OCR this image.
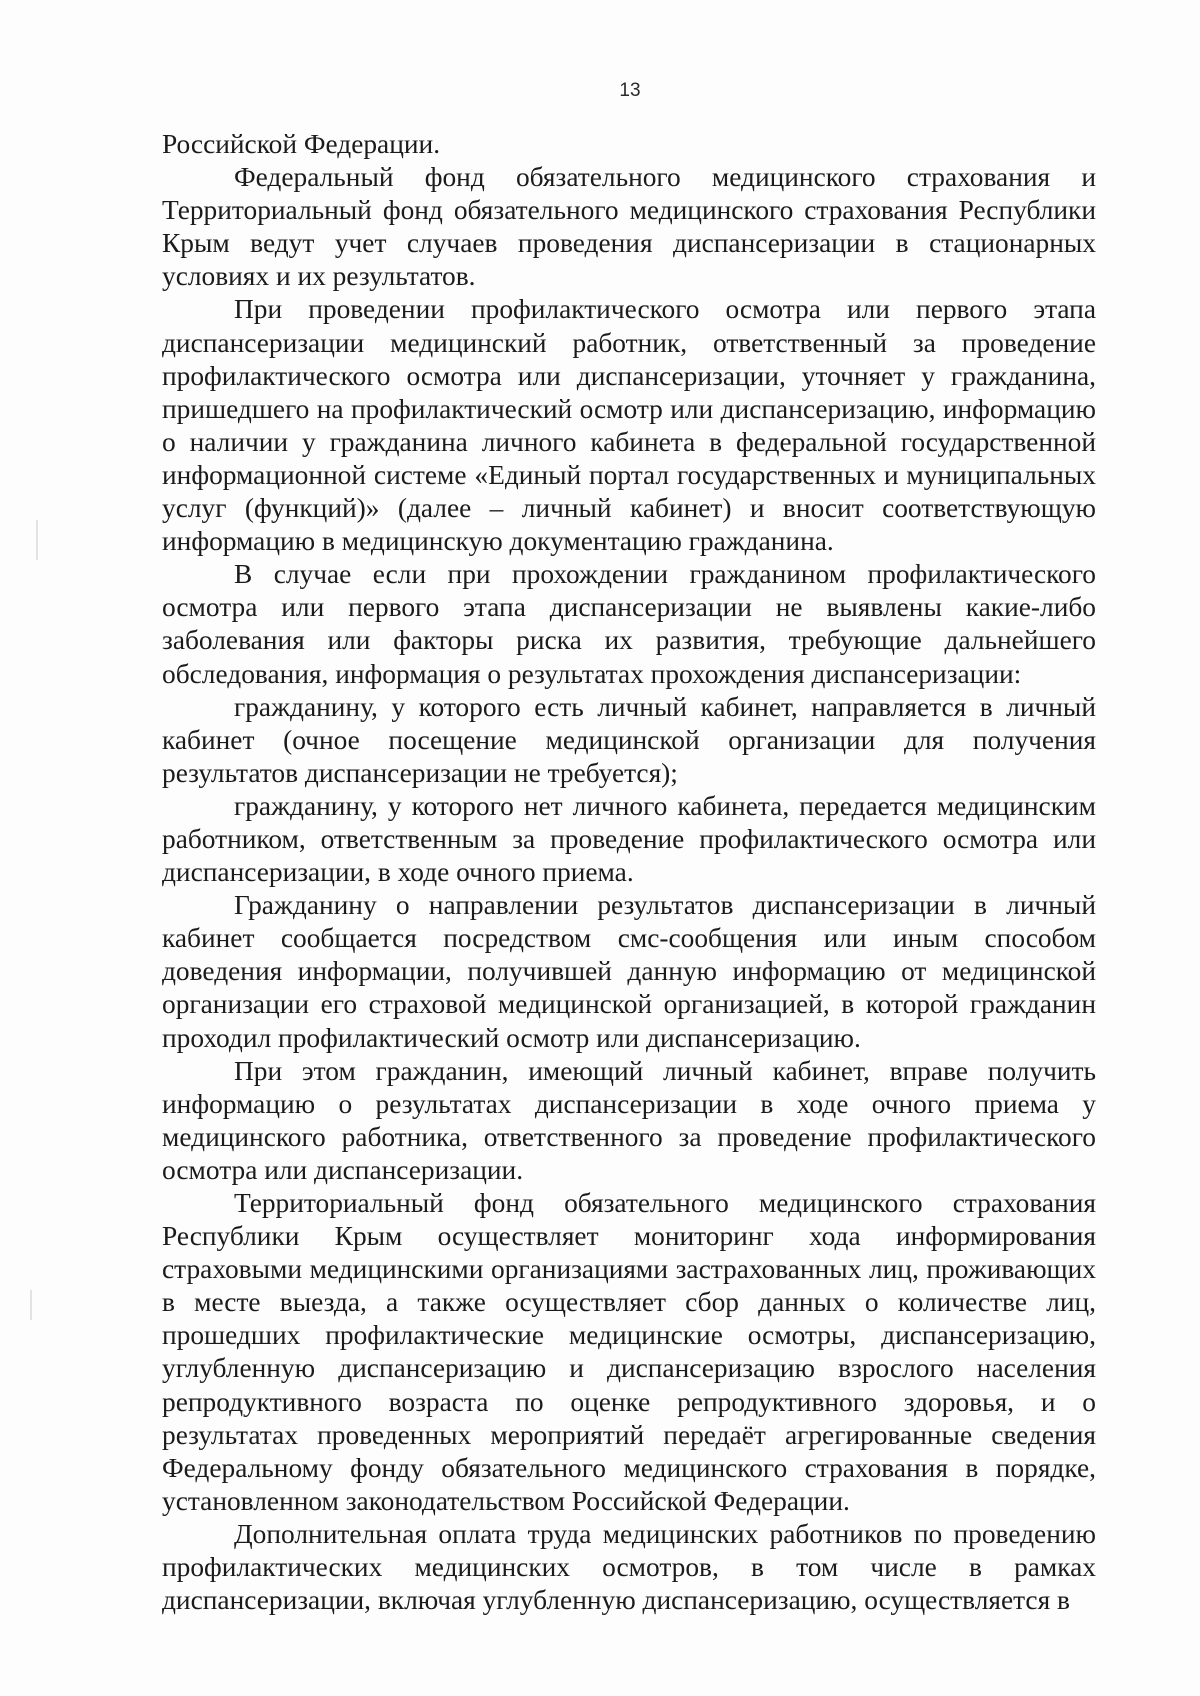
13

Российской Федерации.

Федеральный фонд обязательного медицинского страхования и Территориальный фонд обязательного медицинского страхования Республики Крым ведут учет случаев проведения диспансеризации в стационарных условиях и их результатов.

При проведении профилактического осмотра или первого этапа диспансеризации медицинский работник, ответственный за проведение профилактического осмотра или диспансеризации, уточняет у гражданина, пришедшего на профилактический осмотр или диспансеризацию, информацию о наличии у гражданина личного кабинета в федеральной государственной информационной системе «Единый портал государственных и муниципальных услуг (функций)» (далее – личный кабинет) и вносит соответствующую информацию в медицинскую документацию гражданина.

В случае если при прохождении гражданином профилактического осмотра или первого этапа диспансеризации не выявлены какие-либо заболевания или факторы риска их развития, требующие дальнейшего обследования, информация о результатах прохождения диспансеризации:

гражданину, у которого есть личный кабинет, направляется в личный кабинет (очное посещение медицинской организации для получения результатов диспансеризации не требуется);

гражданину, у которого нет личного кабинета, передается медицинским работником, ответственным за проведение профилактического осмотра или диспансеризации, в ходе очного приема.

Гражданину о направлении результатов диспансеризации в личный кабинет сообщается посредством смс-сообщения или иным способом доведения информации, получившей данную информацию от медицинской организации его страховой медицинской организацией, в которой гражданин проходил профилактический осмотр или диспансеризацию.

При этом гражданин, имеющий личный кабинет, вправе получить информацию о результатах диспансеризации в ходе очного приема у медицинского работника, ответственного за проведение профилактического осмотра или диспансеризации.

Территориальный фонд обязательного медицинского страхования Республики Крым осуществляет мониторинг хода информирования страховыми медицинскими организациями застрахованных лиц, проживающих в месте выезда, а также осуществляет сбор данных о количестве лиц, прошедших профилактические медицинские осмотры, диспансеризацию, углубленную диспансеризацию и диспансеризацию взрослого населения репродуктивного возраста по оценке репродуктивного здоровья, и о результатах проведенных мероприятий передаёт агрегированные сведения Федеральному фонду обязательного медицинского страхования в порядке, установленном законодательством Российской Федерации.

Дополнительная оплата труда медицинских работников по проведению профилактических медицинских осмотров, в том числе в рамках диспансеризации, включая углубленную диспансеризацию, осуществляется в
